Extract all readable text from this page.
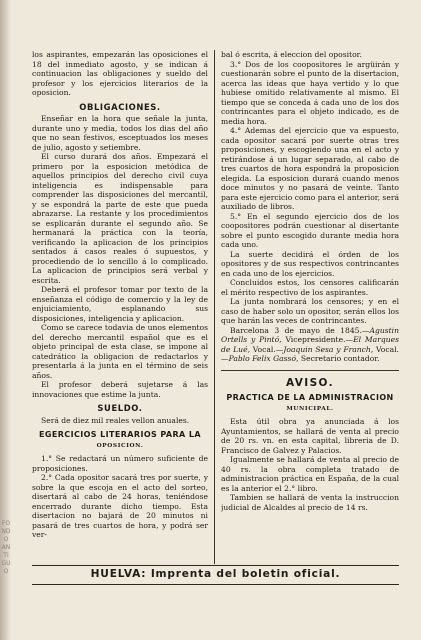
FONDO ANTIGUO

los aspirantes, empezarán las oposiciones el 18 del inmediato agosto, y se indican á continuacion las obligaciones y sueldo del profesor y los ejercicios literarios de la oposicion.

OBLIGACIONES.

Enseñar en la hora que señale la junta, durante uno y media, todos los dias del año que no sean festivos, esceptuados los meses de julio, agosto y setiembre.

El curso durará dos años. Empezará el primero por la esposicion metódica de aquellos principios del derecho civil cuya inteligencia es indispensable para comprender las disposiciones del mercantil, y se espondrá la parte de este que pueda abrazarse. La restante y los procedimientos se esplicarán durante el segundo año. Se hermanará la práctica con la teoría, verificando la aplicacion de los principios sentados á casos reales ó supuestos, y procediendo de lo sencillo á lo complicado. La aplicacion de principios será verbal y escrita.

Deberá el profesor tomar por texto de la enseñanza el código de comercio y la ley de enjuiciamiento, esplanando sus disposiciones, inteligencia y aplicacion.

Como se carece todavia de unos elementos del derecho mercantil español que es el objeto principal de esta clase, se impone al catedrático la obligacion de redactarlos y presentarla á la junta en el término de seis años.

El profesor deberá sujetarse á las innovaciones que estime la junta.

SUELDO.

Será de diez mil reales vellon anuales.

EGERCICIOS LITERARIOS PARA LA
OPOSICION.

1.° Se redactará un número suficiente de proposiciones.

2.° Cada opositor sacará tres por suerte, y sobre la que escoja en el acto del sorteo, disertará al cabo de 24 horas, teniéndose encerrado durante dicho tiempo. Esta disertacion no bajará de 20 minutos ni pasará de tres cuartos de hora, y podrá ser ver-

bal ó escrita, á eleccion del opositor.

3.° Dos de los coopositores le argüirán y cuestionarán sobre el punto de la disertacion, acerca las ideas que haya vertido y lo que hubiese omitido relativamente al mismo. El tiempo que se conceda á cada uno de los dos contrincantes para el objeto indicado, es de media hora.

4.° Ademas del ejercicio que va espuesto, cada opositor sacará por suerte otras tres proposiciones, y escogiendo una en el acto y retirándose á un lugar separado, al cabo de tres cuartos de hora espondrá la proposicion elegida. La esposicion durará cuando menos doce minutos y no pasará de veinte. Tanto para este ejercicio como para el anterior, será auxiliado de libros.

5.° En el segundo ejercicio dos de los coopositores podrán cuestionar al disertante sobre el punto escogido durante media hora cada uno.

La suerte decidirá el órden de los opositores y de sus respectivos contrincantes en cada uno de los ejercicios.

Concluidos estos, los censores calificarán el mérito respectivo de los aspirantes.

La junta nombrará los censores; y en el caso de haber solo un opositor, serán ellos los que harán las veces de contrincantes.

Barcelona 3 de mayo de 1845.—Agustin Ortells y Pintó, Vicepresidente.—El Marques de Lué, Vocal.—Joaquin Sesa y Franch, Vocal.—Pablo Felix Gassó, Secretario contador.

AVISO.
PRACTICA DE LA ADMINISTRACION
MUNICIPAL.

Esta útil obra ya anunciada á los Ayuntamientos, se hallará de venta al precio de 20 rs. vn. en esta capital, libreria de D. Francisco de Galvez y Palacios.

Igualmente se hallará de venta al precio de 40 rs. la obra completa tratado de administracion práctica en España, de la cual es la anterior el 2.° libro.

Tambien se hallará de venta la instruccion judicial de Alcaldes al precio de 14 rs.

HUELVA: Imprenta del boletin oficial.
